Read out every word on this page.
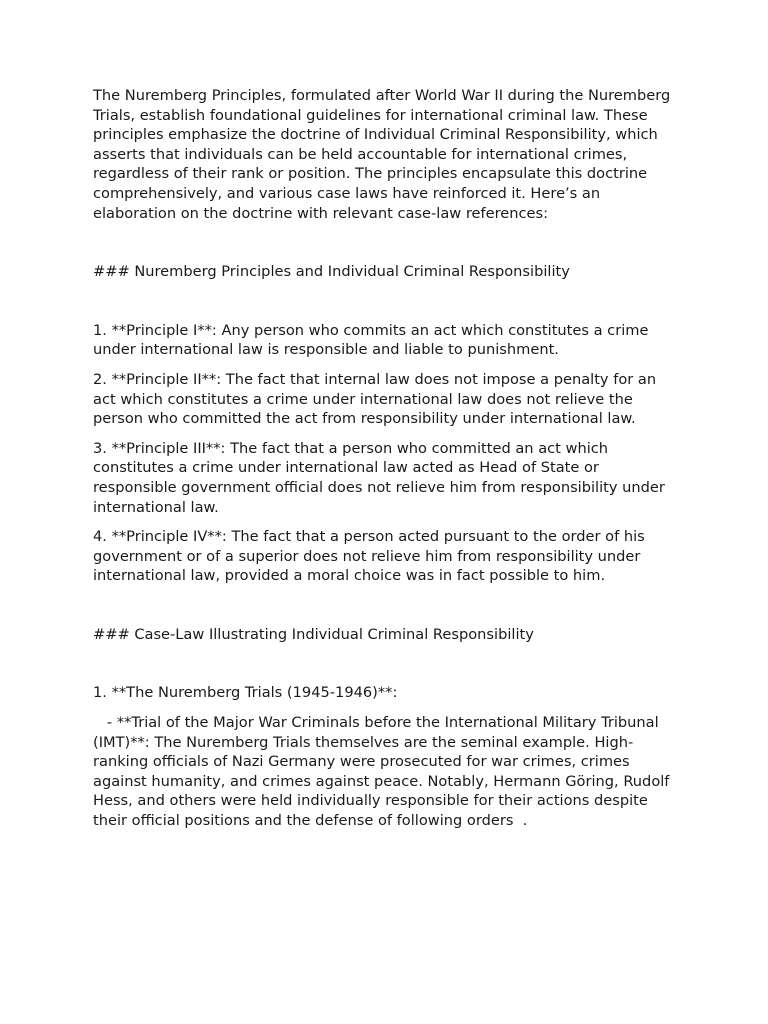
The Nuremberg Principles, formulated after World War II during the Nuremberg Trials, establish foundational guidelines for international criminal law. These principles emphasize the doctrine of Individual Criminal Responsibility, which asserts that individuals can be held accountable for international crimes, regardless of their rank or position. The principles encapsulate this doctrine comprehensively, and various case laws have reinforced it. Here’s an elaboration on the doctrine with relevant case-law references:

### Nuremberg Principles and Individual Criminal Responsibility

1. **Principle I**: Any person who commits an act which constitutes a crime under international law is responsible and liable to punishment.

2. **Principle II**: The fact that internal law does not impose a penalty for an act which constitutes a crime under international law does not relieve the person who committed the act from responsibility under international law.

3. **Principle III**: The fact that a person who committed an act which constitutes a crime under international law acted as Head of State or responsible government official does not relieve him from responsibility under international law.

4. **Principle IV**: The fact that a person acted pursuant to the order of his government or of a superior does not relieve him from responsibility under international law, provided a moral choice was in fact possible to him.

### Case-Law Illustrating Individual Criminal Responsibility

1. **The Nuremberg Trials (1945-1946)**:

- **Trial of the Major War Criminals before the International Military Tribunal (IMT)**: The Nuremberg Trials themselves are the seminal example. High-ranking officials of Nazi Germany were prosecuted for war crimes, crimes against humanity, and crimes against peace. Notably, Hermann Göring, Rudolf Hess, and others were held individually responsible for their actions despite their official positions and the defense of following orders  .
